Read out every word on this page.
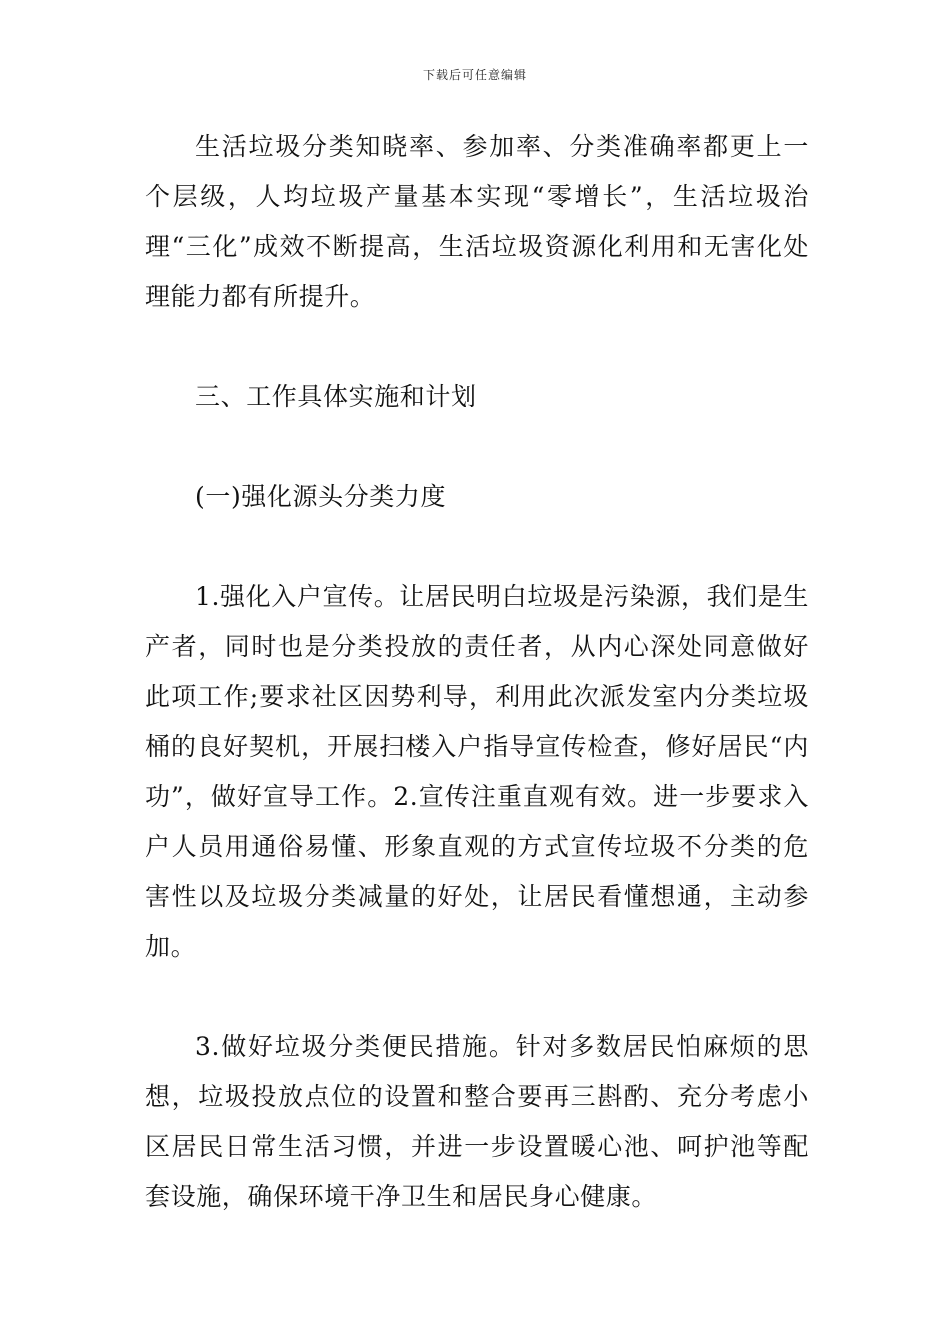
下载后可任意编辑

生活垃圾分类知晓率、参加率、分类准确率都更上一个层级，人均垃圾产量基本实现“零增长”，生活垃圾治理“三化”成效不断提高，生活垃圾资源化利用和无害化处理能力都有所提升。

三、工作具体实施和计划

(一)强化源头分类力度

1.强化入户宣传。让居民明白垃圾是污染源，我们是生产者，同时也是分类投放的责任者，从内心深处同意做好此项工作;要求社区因势利导，利用此次派发室内分类垃圾桶的良好契机，开展扫楼入户指导宣传检查，修好居民“内功”，做好宣导工作。2.宣传注重直观有效。进一步要求入户人员用通俗易懂、形象直观的方式宣传垃圾不分类的危害性以及垃圾分类减量的好处，让居民看懂想通，主动参加。

3.做好垃圾分类便民措施。针对多数居民怕麻烦的思想，垃圾投放点位的设置和整合要再三斟酌、充分考虑小区居民日常生活习惯，并进一步设置暖心池、呵护池等配套设施，确保环境干净卫生和居民身心健康。
